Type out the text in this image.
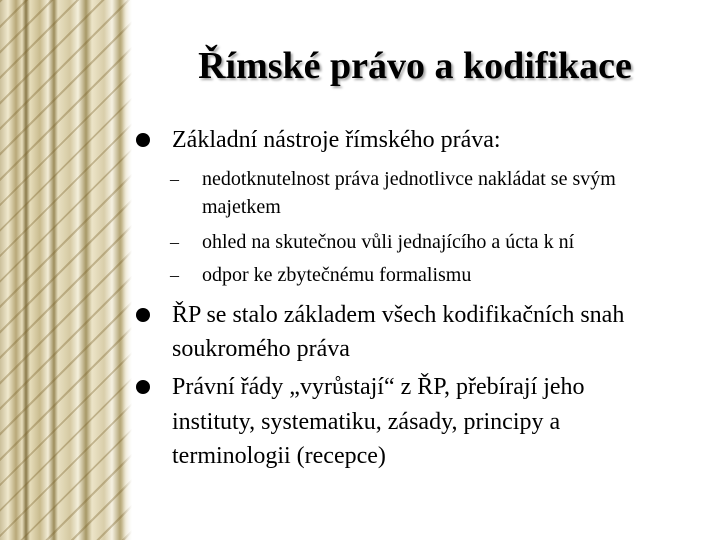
Římské právo a kodifikace
Základní nástroje římského práva:
– nedotknutelnost práva jednotlivce nakládat se svým
majetkem
– ohled na skutečnou vůli jednajícího a úcta k ní
– odpor ke zbytečnému formalismu
ŘP se stalo základem všech kodifikačních snah
soukromého práva
Právní řády „vyrůstají“ z ŘP, přebírají jeho
instituty, systematiku, zásady, principy a
terminologii (recepce)
